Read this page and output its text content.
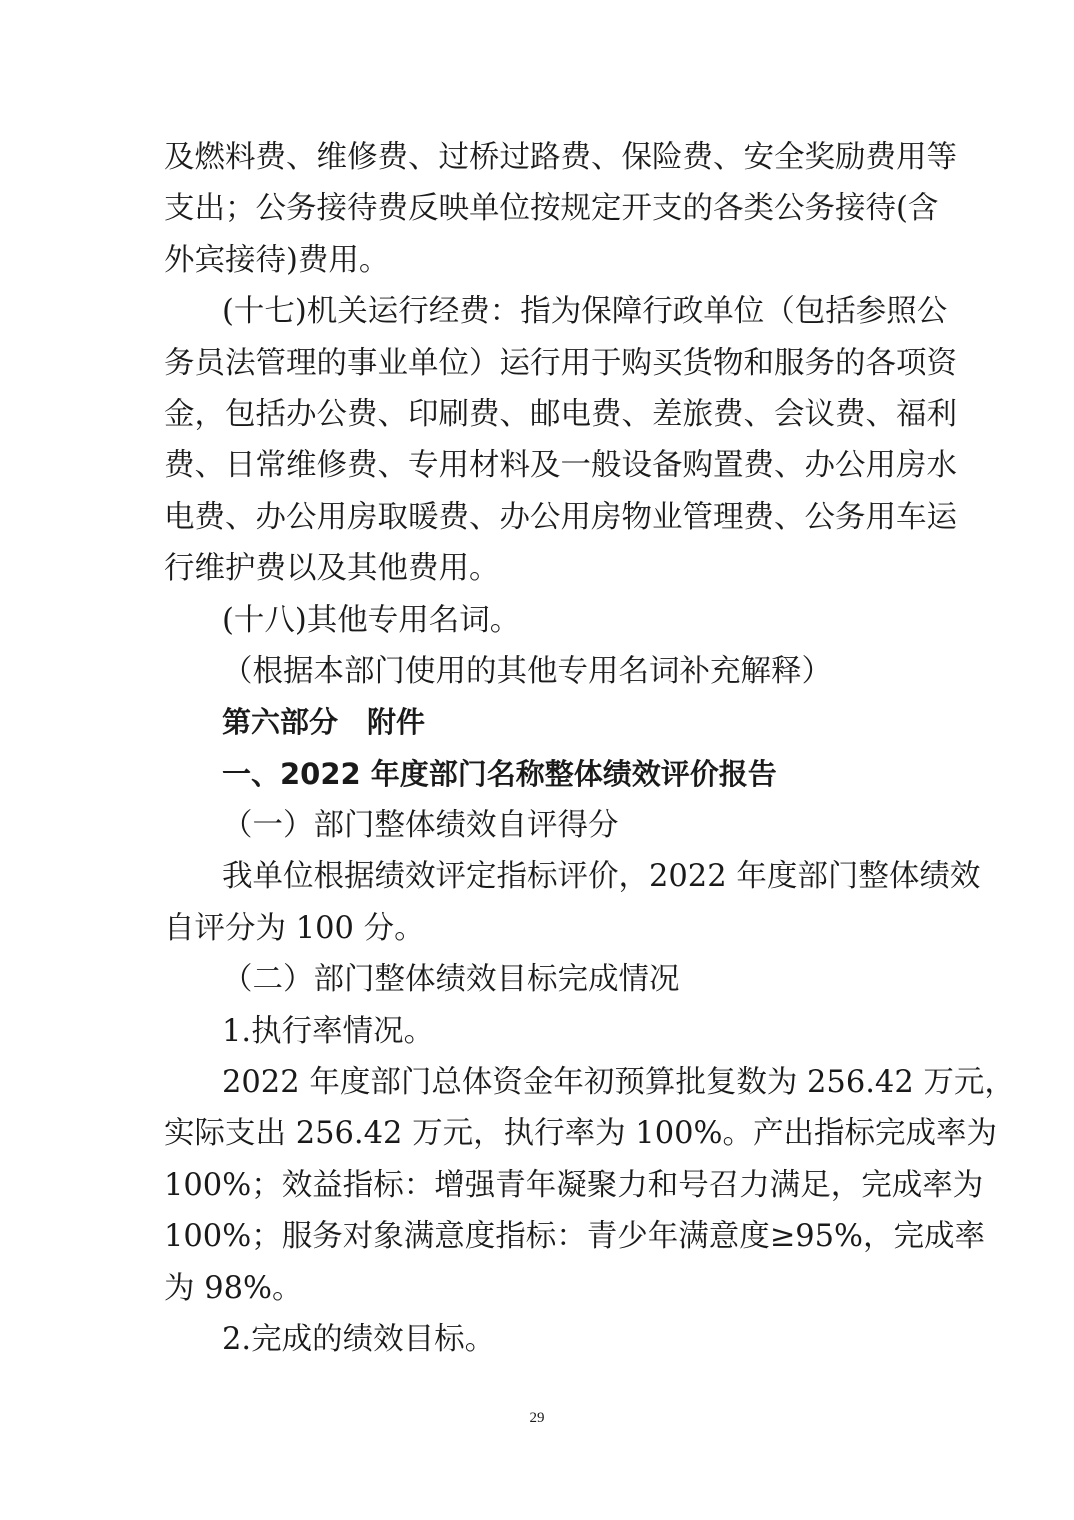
及燃料费、维修费、过桥过路费、保险费、安全奖励费用等
支出；公务接待费反映单位按规定开支的各类公务接待(含
外宾接待)费用。
(十七)机关运行经费：指为保障行政单位（包括参照公
务员法管理的事业单位）运行用于购买货物和服务的各项资
金，包括办公费、印刷费、邮电费、差旅费、会议费、福利
费、日常维修费、专用材料及一般设备购置费、办公用房水
电费、办公用房取暖费、办公用房物业管理费、公务用车运
行维护费以及其他费用。
(十八)其他专用名词。
（根据本部门使用的其他专用名词补充解释）
第六部分　附件
一、2022 年度部门名称整体绩效评价报告
（一）部门整体绩效自评得分
我单位根据绩效评定指标评价，2022 年度部门整体绩效
自评分为 100 分。
（二）部门整体绩效目标完成情况
1.执行率情况。
2022 年度部门总体资金年初预算批复数为 256.42 万元，
实际支出 256.42 万元，执行率为 100%。产出指标完成率为
100%；效益指标：增强青年凝聚力和号召力满足，完成率为
100%；服务对象满意度指标：青少年满意度≥95%，完成率
为 98%。
2.完成的绩效目标。
29
